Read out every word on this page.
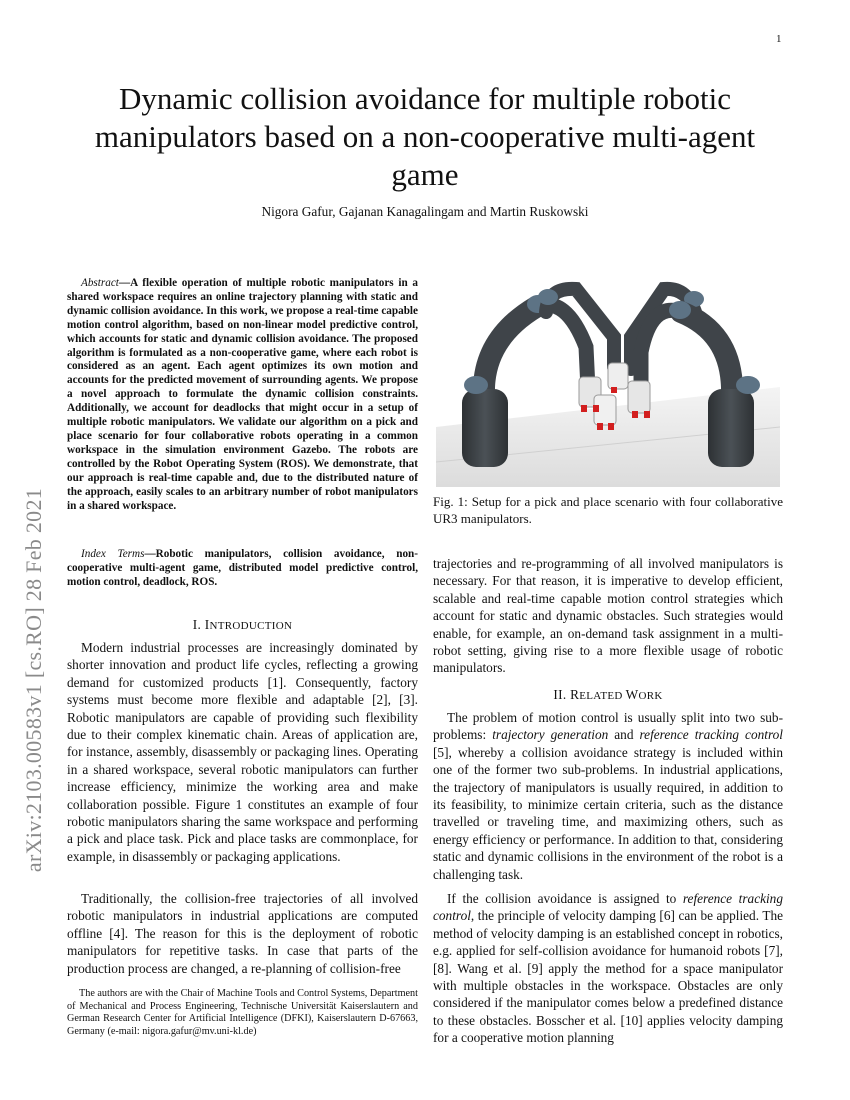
1
arXiv:2103.00583v1 [cs.RO] 28 Feb 2021
Dynamic collision avoidance for multiple robotic manipulators based on a non-cooperative multi-agent game
Nigora Gafur, Gajanan Kanagalingam and Martin Ruskowski

Abstract—A flexible operation of multiple robotic manipulators in a shared workspace requires an online trajectory planning with static and dynamic collision avoidance. In this work, we propose a real-time capable motion control algorithm, based on non-linear model predictive control, which accounts for static and dynamic collision avoidance. The proposed algorithm is formulated as a non-cooperative game, where each robot is considered as an agent. Each agent optimizes its own motion and accounts for the predicted movement of surrounding agents. We propose a novel approach to formulate the dynamic collision constraints. Additionally, we account for deadlocks that might occur in a setup of multiple robotic manipulators. We validate our algorithm on a pick and place scenario for four collaborative robots operating in a common workspace in the simulation environment Gazebo. The robots are controlled by the Robot Operating System (ROS). We demonstrate, that our approach is real-time capable and, due to the distributed nature of the approach, easily scales to an arbitrary number of robot manipulators in a shared workspace.

Index Terms—Robotic manipulators, collision avoidance, non-cooperative multi-agent game, distributed model predictive control, motion control, deadlock, ROS.

I. INTRODUCTION

Modern industrial processes are increasingly dominated by shorter innovation and product life cycles, reflecting a growing demand for customized products [1]. Consequently, factory systems must become more flexible and adaptable [2], [3]. Robotic manipulators are capable of providing such flexibility due to their complex kinematic chain. Areas of application are, for instance, assembly, disassembly or packaging lines. Operating in a shared workspace, several robotic manipulators can further increase efficiency, minimize the working area and make collaboration possible. Figure 1 constitutes an example of four robotic manipulators sharing the same workspace and performing a pick and place task. Pick and place tasks are commonplace, for example, in disassembly or packaging applications.

Traditionally, the collision-free trajectories of all involved robotic manipulators in industrial applications are computed offline [4]. The reason for this is the deployment of robotic manipulators for repetitive tasks. In case that parts of the production process are changed, a re-planning of collision-free

The authors are with the Chair of Machine Tools and Control Systems, Department of Mechanical and Process Engineering, Technische Universität Kaiserslautern and German Research Center for Artificial Intelligence (DFKI), Kaiserslautern D-67663, Germany (e-mail: nigora.gafur@mv.uni-kl.de)

Fig. 1: Setup for a pick and place scenario with four collaborative UR3 manipulators.

trajectories and re-programming of all involved manipulators is necessary. For that reason, it is imperative to develop efficient, scalable and real-time capable motion control strategies which account for static and dynamic obstacles. Such strategies would enable, for example, an on-demand task assignment in a multi-robot setting, giving rise to a more flexible usage of robotic manipulators.

II. RELATED WORK

The problem of motion control is usually split into two sub-problems: trajectory generation and reference tracking control [5], whereby a collision avoidance strategy is included within one of the former two sub-problems. In industrial applications, the trajectory of manipulators is usually required, in addition to its feasibility, to minimize certain criteria, such as the distance travelled or traveling time, and maximizing others, such as energy efficiency or performance. In addition to that, considering static and dynamic collisions in the environment of the robot is a challenging task.

If the collision avoidance is assigned to reference tracking control, the principle of velocity damping [6] can be applied. The method of velocity damping is an established concept in robotics, e.g. applied for self-collision avoidance for humanoid robots [7], [8]. Wang et al. [9] apply the method for a space manipulator with multiple obstacles in the workspace. Obstacles are only considered if the manipulator comes below a predefined distance to these obstacles. Bosscher et al. [10] applies velocity damping for a cooperative motion planning
